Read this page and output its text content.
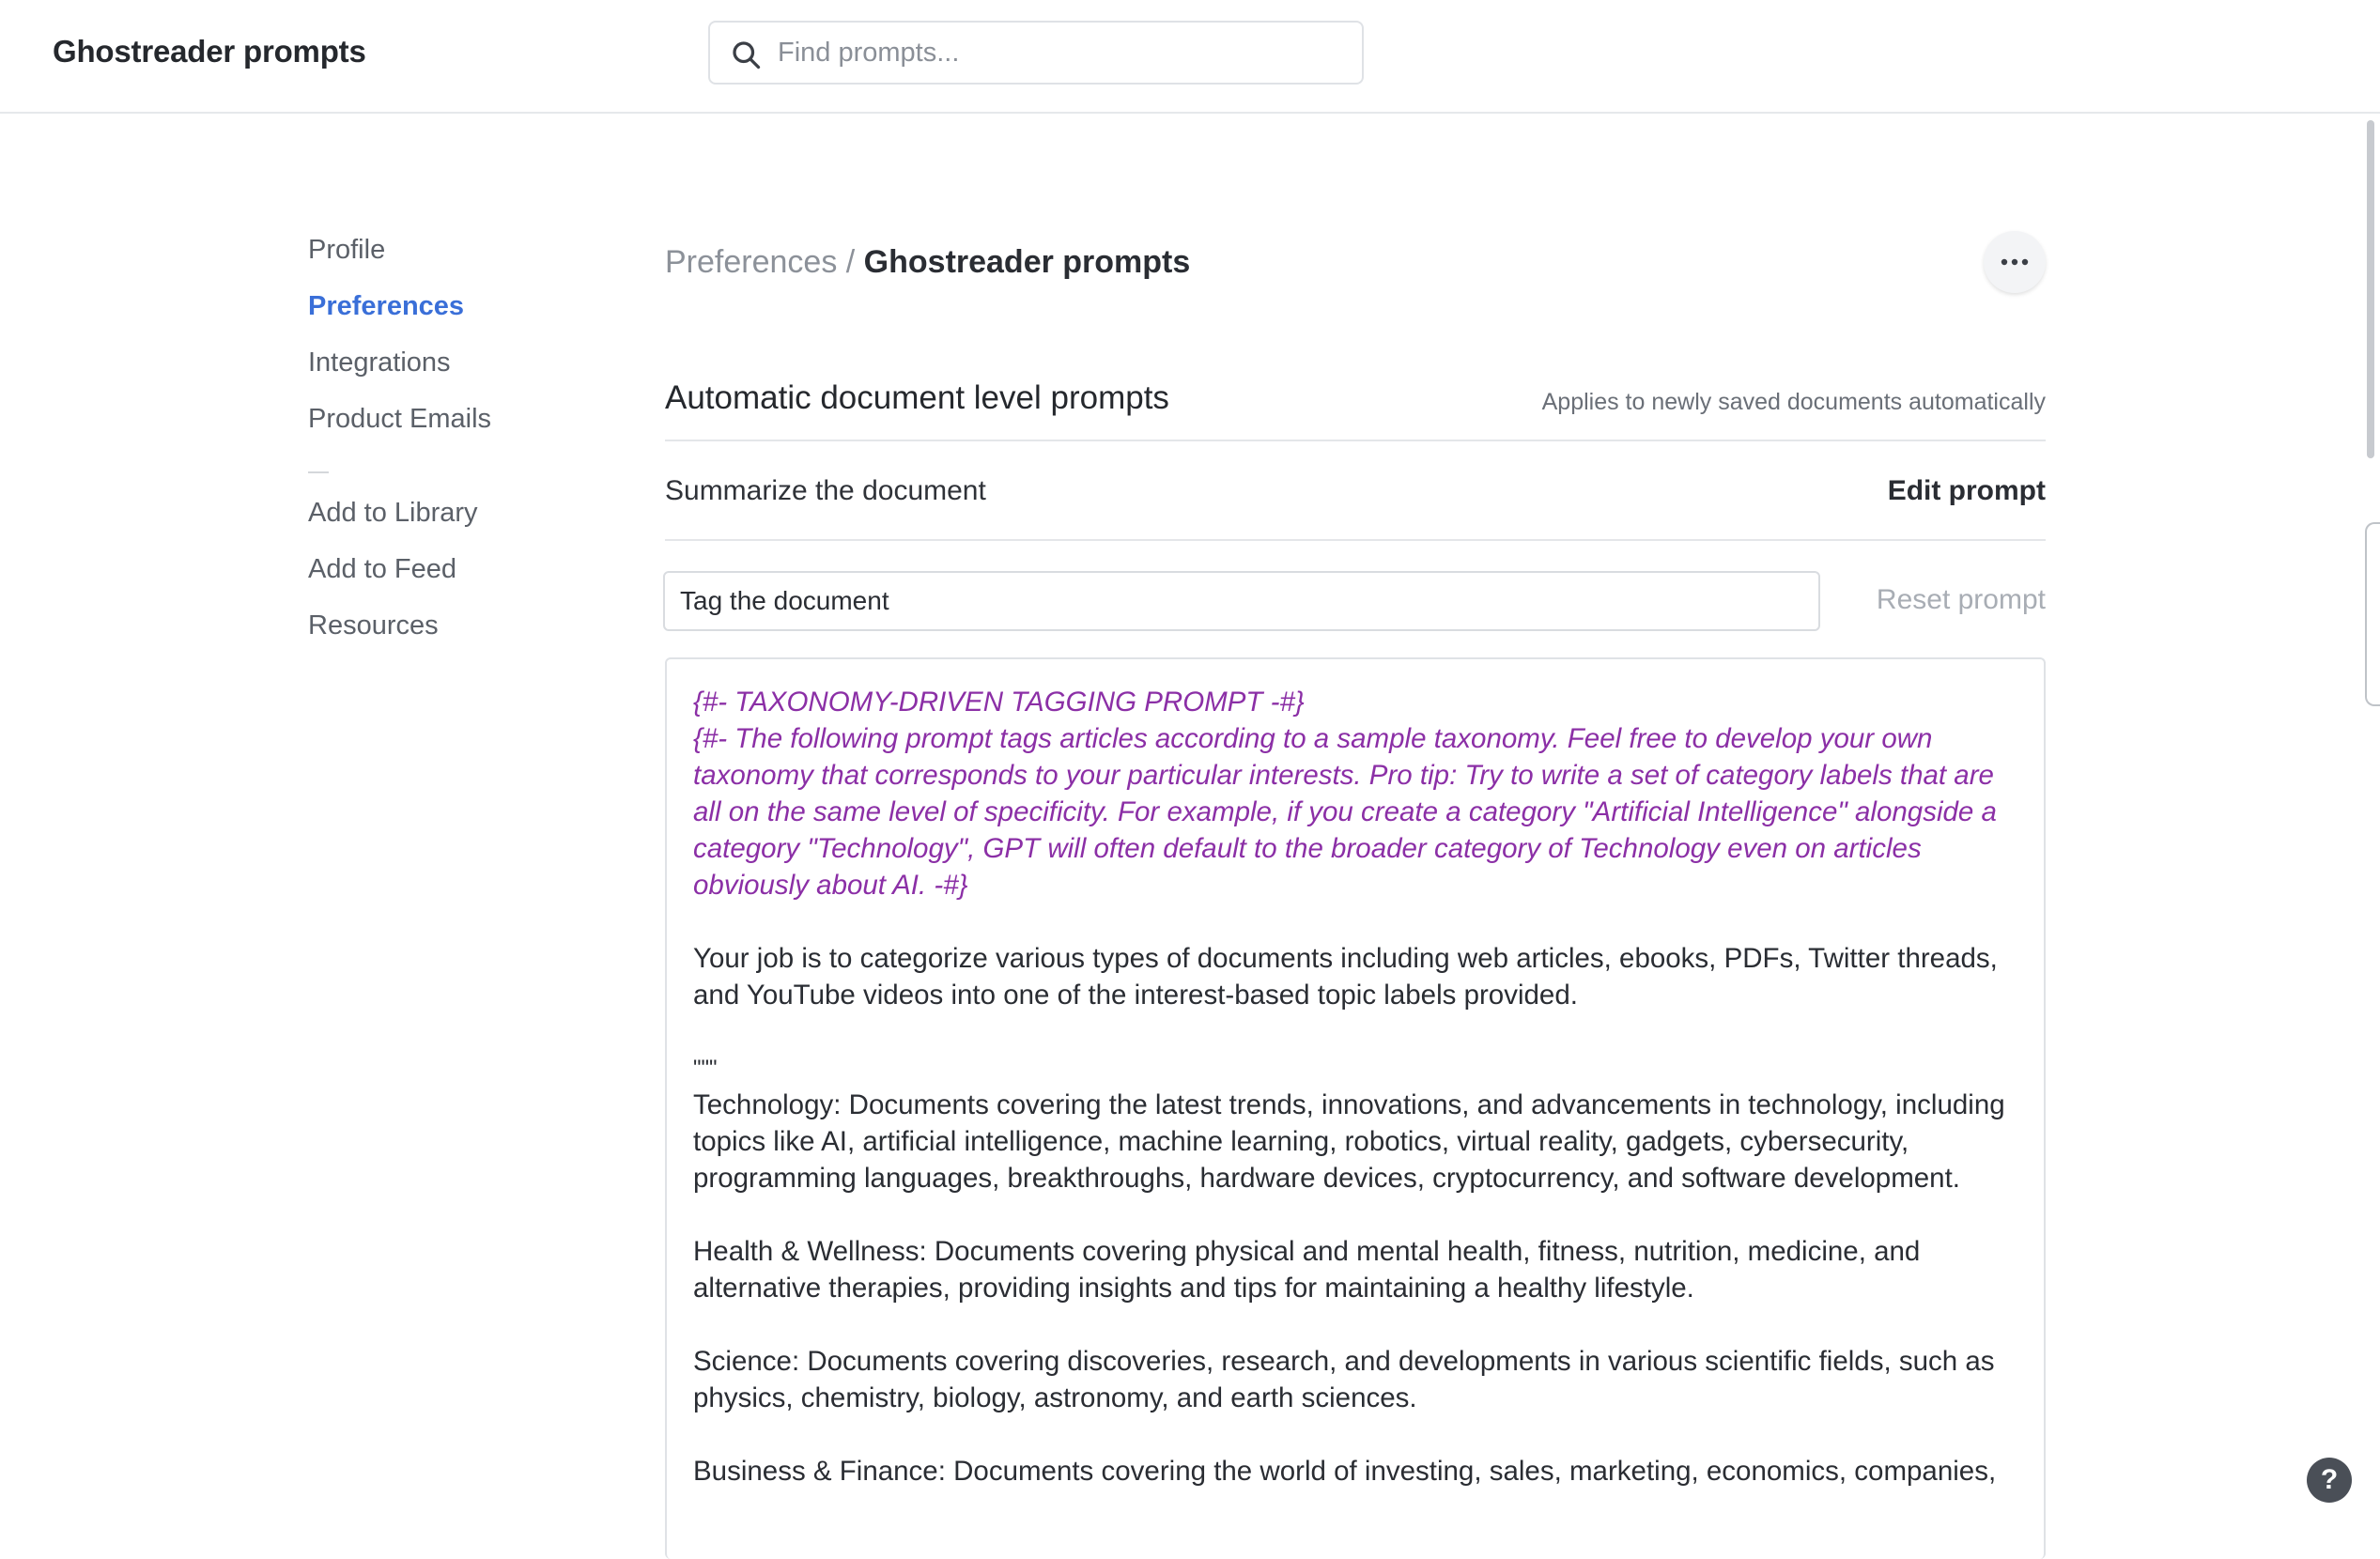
Ghostreader prompts
Find prompts...
Profile
Preferences
Integrations
Product Emails
Add to Library
Add to Feed
Resources
Preferences / Ghostreader prompts
Automatic document level prompts	Applies to newly saved documents automatically
Summarize the document	Edit prompt
Tag the document
Reset prompt

{#- TAXONOMY-DRIVEN TAGGING PROMPT -#}

{#- The following prompt tags articles according to a sample taxonomy. Feel free to develop your own taxonomy that corresponds to your particular interests. Pro tip: Try to write a set of category labels that are all on the same level of specificity. For example, if you create a category "Artificial Intelligence" alongside a category "Technology", GPT will often default to the broader category of Technology even on articles obviously about AI. -#}

Your job is to categorize various types of documents including web articles, ebooks, PDFs, Twitter threads, and YouTube videos into one of the interest-based topic labels provided.

"""

Technology: Documents covering the latest trends, innovations, and advancements in technology, including topics like AI, artificial intelligence, machine learning, robotics, virtual reality, gadgets, cybersecurity, programming languages, breakthroughs, hardware devices, cryptocurrency, and software development.

Health & Wellness: Documents covering physical and mental health, fitness, nutrition, medicine, and alternative therapies, providing insights and tips for maintaining a healthy lifestyle.

Science: Documents covering discoveries, research, and developments in various scientific fields, such as physics, chemistry, biology, astronomy, and earth sciences.

Business & Finance: Documents covering the world of investing, sales, marketing, economics, companies,	?
